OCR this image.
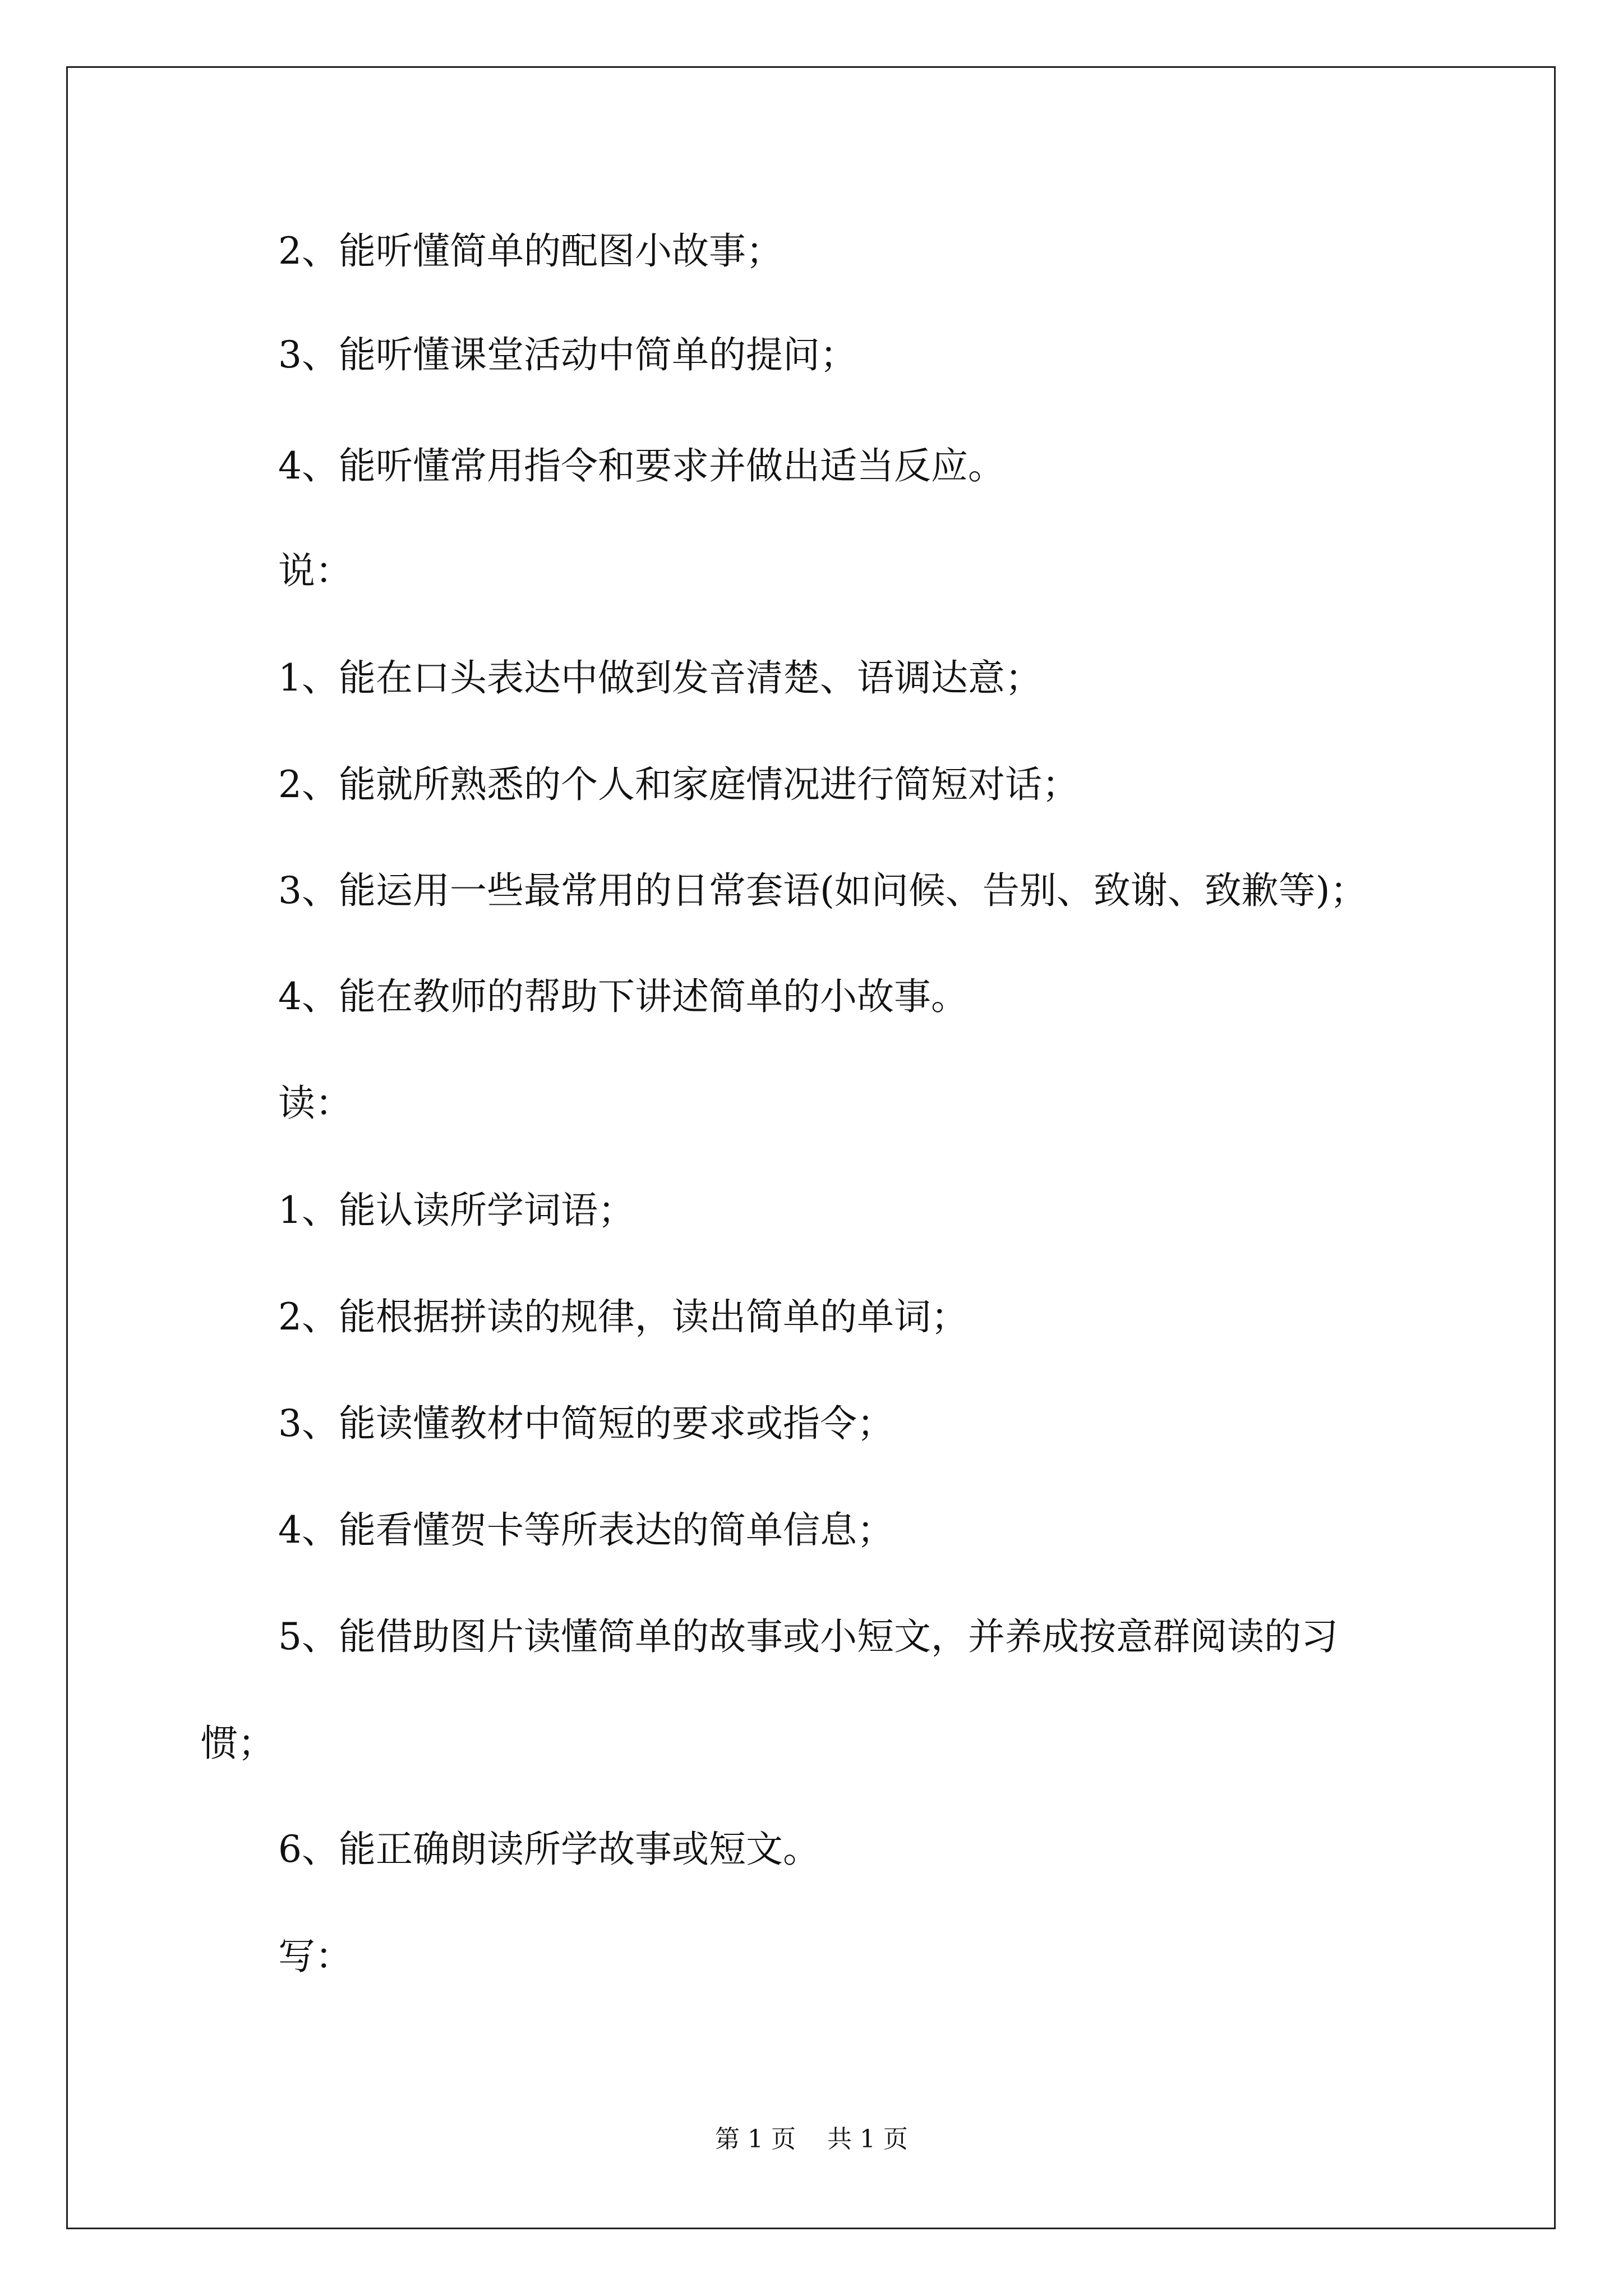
2、能听懂简单的配图小故事；
3、能听懂课堂活动中简单的提问；
4、能听懂常用指令和要求并做出适当反应。
说：
1、能在口头表达中做到发音清楚、语调达意；
2、能就所熟悉的个人和家庭情况进行简短对话；
3、能运用一些最常用的日常套语(如问候、告别、致谢、致歉等)；
4、能在教师的帮助下讲述简单的小故事。
读：
1、能认读所学词语；
2、能根据拼读的规律，读出简单的单词；
3、能读懂教材中简短的要求或指令；
4、能看懂贺卡等所表达的简单信息；
5、能借助图片读懂简单的故事或小短文，并养成按意群阅读的习
惯；
6、能正确朗读所学故事或短文。
写：
第 1 页 共 1 页
